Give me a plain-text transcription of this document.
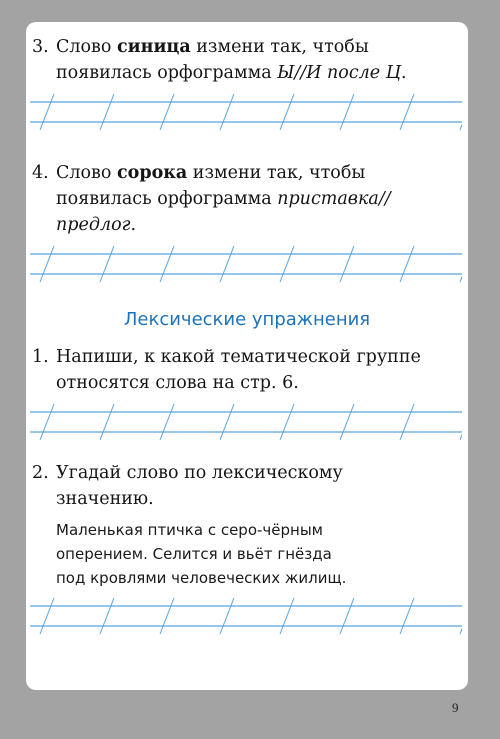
3. Слово синица измени так, чтобы
появилась орфограмма Ы//И после Ц.
4. Слово сорока измени так, чтобы
появилась орфограмма приставка//
предлог.
Лексические упражнения
1. Напиши, к какой тематической группе
относятся слова на стр. 6.
2. Угадай слово по лексическому
значению.
Маленькая птичка с серо-чёрным
оперением. Селится и вьёт гнёзда
под кровлями человеческих жилищ.
9
